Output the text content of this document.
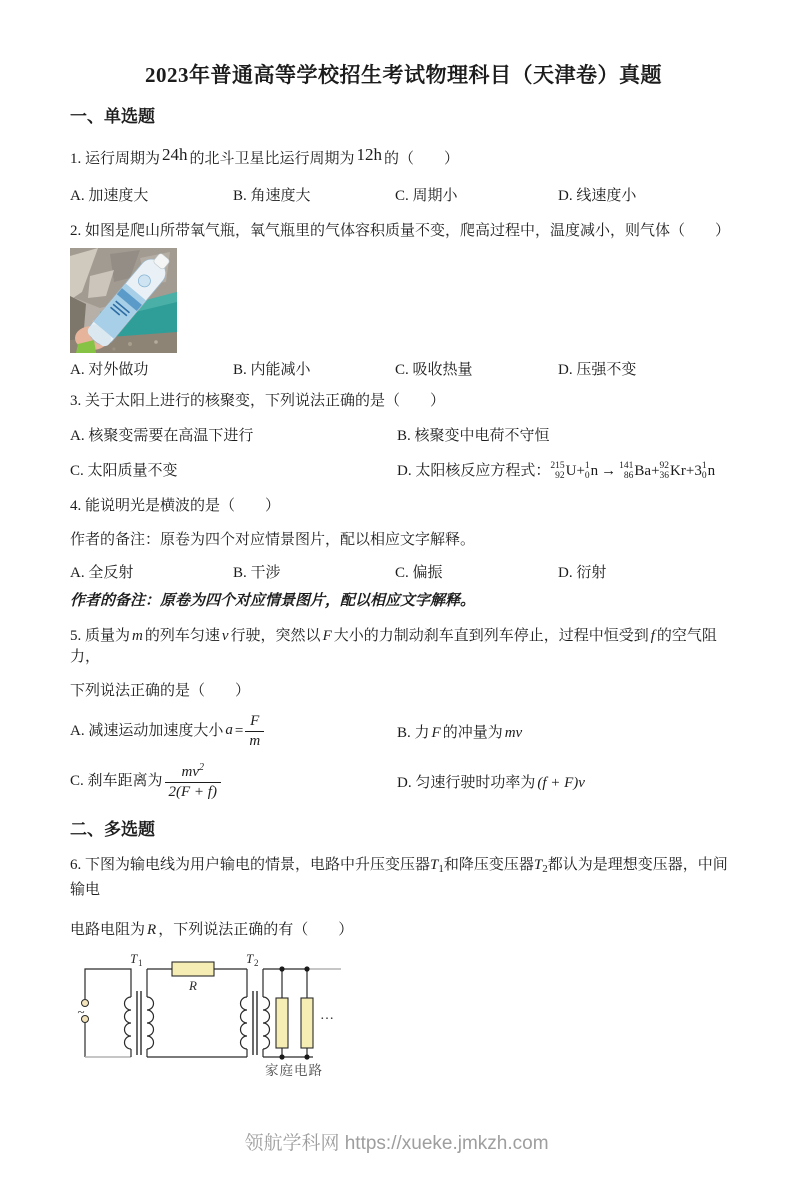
2023年普通高等学校招生考试物理科目（天津卷）真题
一、单选题
1. 运行周期为 24h 的北斗卫星比运行周期为 12h 的（　　）
A. 加速度大	B. 角速度大	C. 周期小	D. 线速度小
2. 如图是爬山所带氧气瓶，氧气瓶里的气体容积质量不变，爬高过程中，温度减小，则气体（　　）
A. 对外做功	B. 内能减小	C. 吸收热量	D. 压强不变
3. 关于太阳上进行的核聚变，下列说法正确的是（　　）
A. 核聚变需要在高温下进行	B. 核聚变中电荷不守恒
C. 太阳质量不变	D. 太阳核反应方程式： 215
92 U + 1
0 n → 141
86 Ba + 92
36 Kr +3 1
0 n
4. 能说明光是横波的是（　　）
作者的备注：原卷为四个对应情景图片，配以相应文字解释。
A. 全反射	B. 干涉	C. 偏振	D. 衍射
作者的备注：原卷为四个对应情景图片，配以相应文字解释。
5. 质量为 m 的列车匀速 v 行驶，突然以 F 大小的力制动刹车直到列车停止，过程中恒受到 f 的空气阻力，
下列说法正确的是（　　）
A. 减速运动加速度大小 $a = \frac{F}{m}$	B. 力 F 的冲量为 mv
C. 刹车距离为 $\frac{mv^2}{2(F + f)}$	D. 匀速行驶时功率为 (f + F)v
二、多选题
6. 下图为输电线为用户输电的情景，电路中升压变压器$T_1$和降压变压器$T_2$都认为是理想变压器，中间输电
电路电阻为 R ，下列说法正确的有（　　）
~
T 1
R
T 2
…
家庭电路
领航学科网 https://xueke.jmkzh.com
